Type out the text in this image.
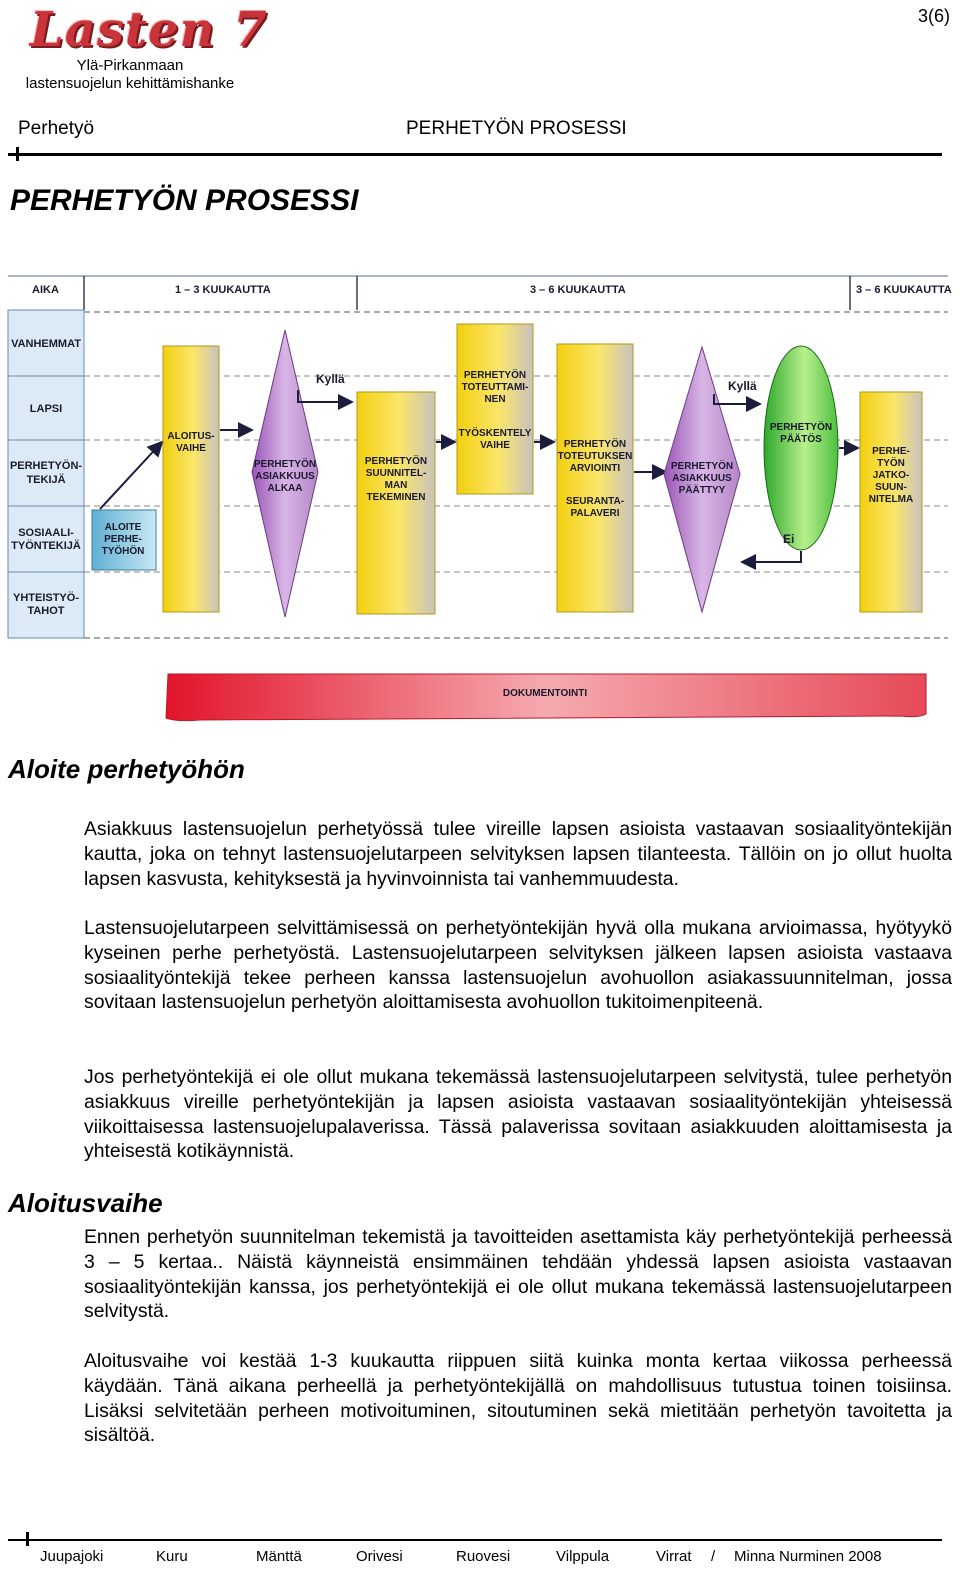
Lasten 7
Ylä-Pirkanmaan
lastensuojelun kehittämishanke
3(6)
Perhetyö	PERHETYÖN PROSESSI
PERHETYÖN PROSESSI
AIKA	1 – 3 KUUKAUTTA	3 – 6 KUUKAUTTA	3 – 6 KUUKAUTTA
VANHEMMAT
LAPSI
PERHETYÖN-
TEKIJÄ
SOSIAALI-
TYÖNTEKIJÄ
YHTEISTYÖ-
TAHOT
ALOITE
PERHE-
TYÖHÖN
ALOITUS-
VAIHE
PERHETYÖN
ASIAKKUUS
ALKAA
Kyllä
PERHETYÖN
SUUNNITEL-
MAN
TEKEMINEN
PERHETYÖN
TOTEUTTAMI-
NEN
TYÖSKENTELY
VAIHE	PERHETYÖN
TOTEUTUKSEN
ARVIOINTI
SEURANTA-
PALAVERI
PERHETYÖN
ASIAKKUUS
PÄÄTTYY
Kyllä
PERHETYÖN
PÄÄTÖS
Ei
PERHE-
TYÖN
JATKO-
SUUN-
NITELMA
DOKUMENTOINTI
Aloite perhetyöhön

Asiakkuus lastensuojelun perhetyössä tulee vireille lapsen asioista vastaavan sosiaalityöntekijän kautta, joka on tehnyt lastensuojelutarpeen selvityksen lapsen tilanteesta. Tällöin on jo ollut huolta lapsen kasvusta, kehityksestä ja hyvinvoinnista tai vanhemmuudesta.

Lastensuojelutarpeen selvittämisessä on perhetyöntekijän hyvä olla mukana arvioimassa, hyötyykö kyseinen perhe perhetyöstä. Lastensuojelutarpeen selvityksen jälkeen lapsen asioista vastaava sosiaalityöntekijä tekee perheen kanssa lastensuojelun avohuollon asiakassuunnitelman, jossa sovitaan lastensuojelun perhetyön aloittamisesta avohuollon tukitoimenpiteenä.

Jos perhetyöntekijä ei ole ollut mukana tekemässä lastensuojelutarpeen selvitystä, tulee perhetyön asiakkuus vireille perhetyöntekijän ja lapsen asioista vastaavan sosiaalityöntekijän yhteisessä viikoittaisessa lastensuojelupalaverissa. Tässä palaverissa sovitaan asiakkuuden aloittamisesta ja yhteisestä kotikäynnistä.

Aloitusvaihe

Ennen perhetyön suunnitelman tekemistä ja tavoitteiden asettamista käy perhetyöntekijä perheessä 3 – 5 kertaa.. Näistä käynneistä ensimmäinen tehdään yhdessä lapsen asioista vastaavan sosiaalityöntekijän kanssa, jos perhetyöntekijä ei ole ollut mukana tekemässä lastensuojelutarpeen selvitystä.

Aloitusvaihe voi kestää 1-3 kuukautta riippuen siitä kuinka monta kertaa viikossa perheessä käydään. Tänä aikana perheellä ja perhetyöntekijällä on mahdollisuus tutustua toinen toisiinsa. Lisäksi selvitetään perheen motivoituminen, sitoutuminen sekä mietitään perhetyön tavoitetta ja sisältöä.

Juupajoki	Kuru	Mänttä	Orivesi	Ruovesi	Vilppula	Virrat / Minna Nurminen 2008
